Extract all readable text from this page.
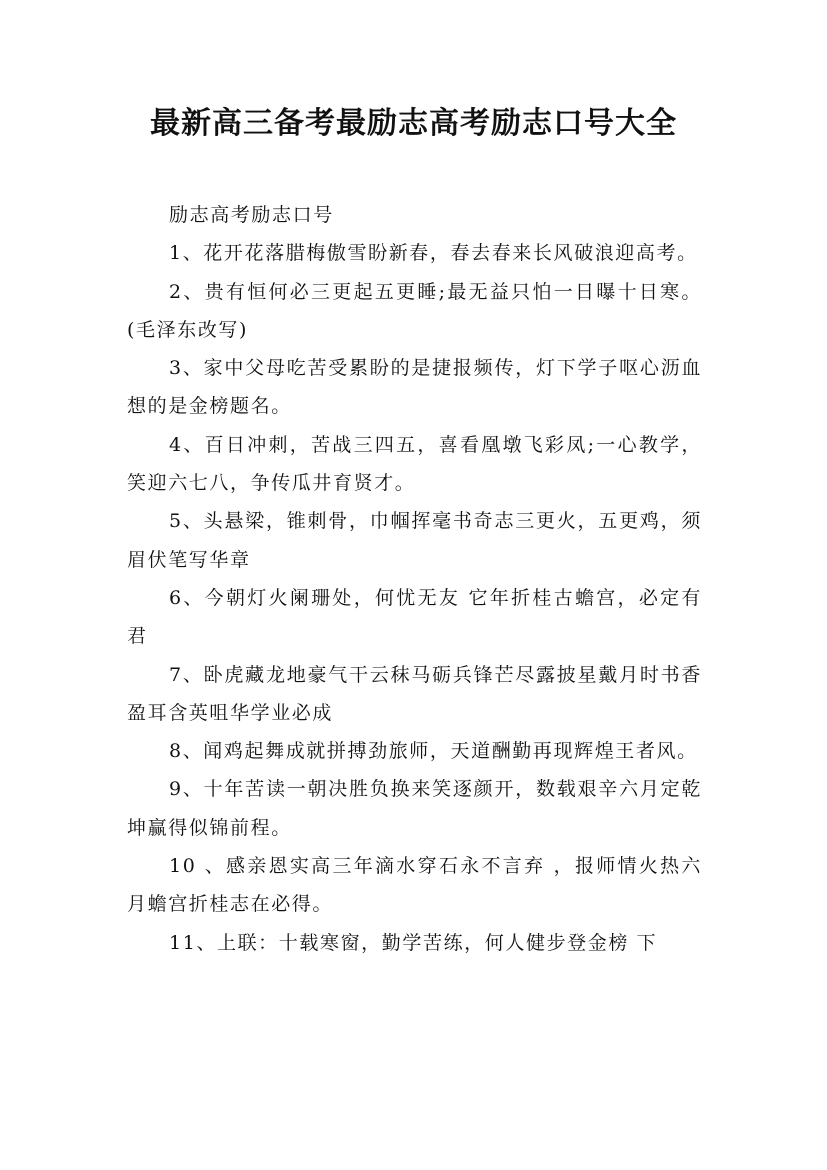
最新高三备考最励志高考励志口号大全

励志高考励志口号

1、花开花落腊梅傲雪盼新春，春去春来长风破浪迎高考。

2、贵有恒何必三更起五更睡;最无益只怕一日曝十日寒。(毛泽东改写)

3、家中父母吃苦受累盼的是捷报频传，灯下学子呕心沥血想的是金榜题名。

4、百日冲刺，苦战三四五，喜看凰墩飞彩凤;一心教学，笑迎六七八，争传瓜井育贤才。

5、头悬梁，锥刺骨，巾帼挥毫书奇志三更火，五更鸡，须眉伏笔写华章

6、今朝灯火阑珊处，何忧无友 它年折桂古蟾宫，必定有君

7、卧虎藏龙地豪气干云秣马砺兵锋芒尽露披星戴月时书香盈耳含英咀华学业必成

8、闻鸡起舞成就拼搏劲旅师，天道酬勤再现辉煌王者风。

9、十年苦读一朝决胜负换来笑逐颜开，数载艰辛六月定乾坤赢得似锦前程。

10 、感亲恩实高三年滴水穿石永不言弃 ，报师情火热六月蟾宫折桂志在必得。

11、上联：十载寒窗，勤学苦练，何人健步登金榜 下
